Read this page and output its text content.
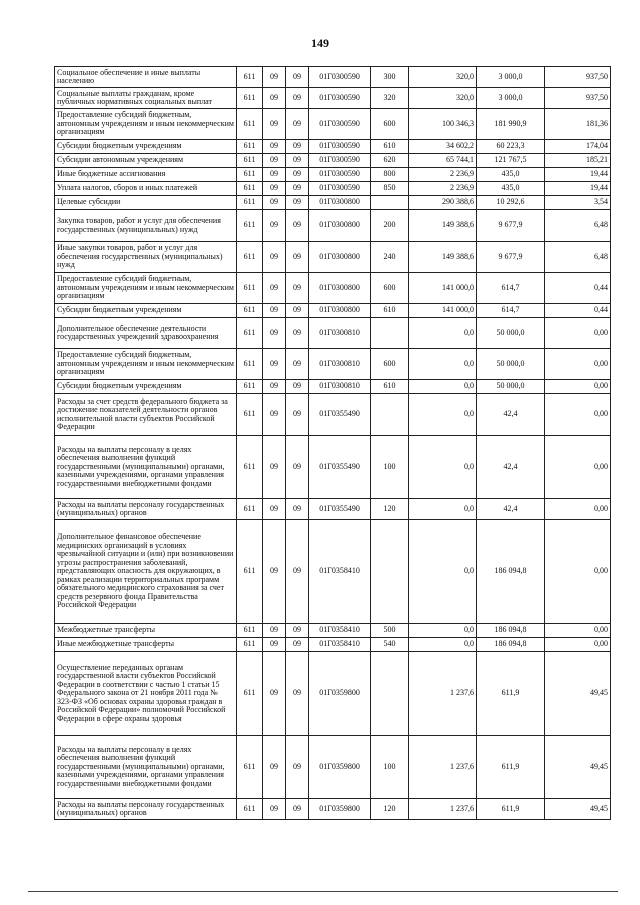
149
Социальное обеспечение и иные выплаты населению	611	09	09	01Г0300590	300	320,0	3 000,0	937,50
Социальные выплаты гражданам, кроме публичных нормативных социальных выплат	611	09	09	01Г0300590	320	320,0	3 000,0	937,50
Предоставление субсидий бюджетным, автономным учреждениям и иным некоммерческим организациям	611	09	09	01Г0300590	600	100 346,3	181 990,9	181,36
Субсидии бюджетным учреждениям	611	09	09	01Г0300590	610	34 602,2	60 223,3	174,04
Субсидии автономным учреждениям	611	09	09	01Г0300590	620	65 744,1	121 767,5	185,21
Иные бюджетные ассигнования	611	09	09	01Г0300590	800	2 236,9	435,0	19,44
Уплата налогов, сборов и иных платежей	611	09	09	01Г0300590	850	2 236,9	435,0	19,44
Целевые субсидии	611	09	09	01Г0300800		290 388,6	10 292,6	3,54
Закупка товаров, работ и услуг для обеспечения государственных (муниципальных) нужд	611	09	09	01Г0300800	200	149 388,6	9 677,9	6,48
Иные закупки товаров, работ и услуг для обеспечения государственных (муниципальных) нужд	611	09	09	01Г0300800	240	149 388,6	9 677,9	6,48
Предоставление субсидий бюджетным, автономным учреждениям и иным некоммерческим организациям	611	09	09	01Г0300800	600	141 000,0	614,7	0,44
Субсидии бюджетным учреждениям	611	09	09	01Г0300800	610	141 000,0	614,7	0,44
Дополнительное обеспечение деятельности государственных учреждений здравоохранения	611	09	09	01Г0300810		0,0	50 000,0	0,00
Предоставление субсидий бюджетным, автономным учреждениям и иным некоммерческим организациям	611	09	09	01Г0300810	600	0,0	50 000,0	0,00
Субсидии бюджетным учреждениям	611	09	09	01Г0300810	610	0,0	50 000,0	0,00
Расходы за счет средств федерального бюджета за достижение показателей деятельности органов исполнительной власти субъектов Российской Федерации	611	09	09	01Г0355490		0,0	42,4	0,00
Расходы на выплаты персоналу в целях обеспечения выполнения функций государственными (муниципальными) органами, казенными учреждениями, органами управления государственными внебюджетными фондами	611	09	09	01Г0355490	100	0,0	42,4	0,00
Расходы на выплаты персоналу государственных (муниципальных) органов	611	09	09	01Г0355490	120	0,0	42,4	0,00
Дополнительное финансовое обеспечение медицинских организаций в условиях чрезвычайной ситуации и (или) при возникновении угрозы распространения заболеваний, представляющих опасность для окружающих, в рамках реализации территориальных программ обязательного медицинского страхования за счет средств резервного фонда Правительства Российской Федерации	611	09	09	01Г0358410		0,0	186 094,8	0,00
Межбюджетные трансферты	611	09	09	01Г0358410	500	0,0	186 094,8	0,00
Иные межбюджетные трансферты	611	09	09	01Г0358410	540	0,0	186 094,8	0,00
Осуществление переданных органам государственной власти субъектов Российской Федерации в соответствии с частью 1 статьи 15 Федерального закона от 21 ноября 2011 года № 323-ФЗ «Об основах охраны здоровья граждан в Российской Федерации» полномочий Российской Федерации в сфере охраны здоровья	611	09	09	01Г0359800		1 237,6	611,9	49,45
Расходы на выплаты персоналу в целях обеспечения выполнения функций государственными (муниципальными) органами, казенными учреждениями, органами управления государственными внебюджетными фондами	611	09	09	01Г0359800	100	1 237,6	611,9	49,45
Расходы на выплаты персоналу государственных (муниципальных) органов	611	09	09	01Г0359800	120	1 237,6	611,9	49,45
